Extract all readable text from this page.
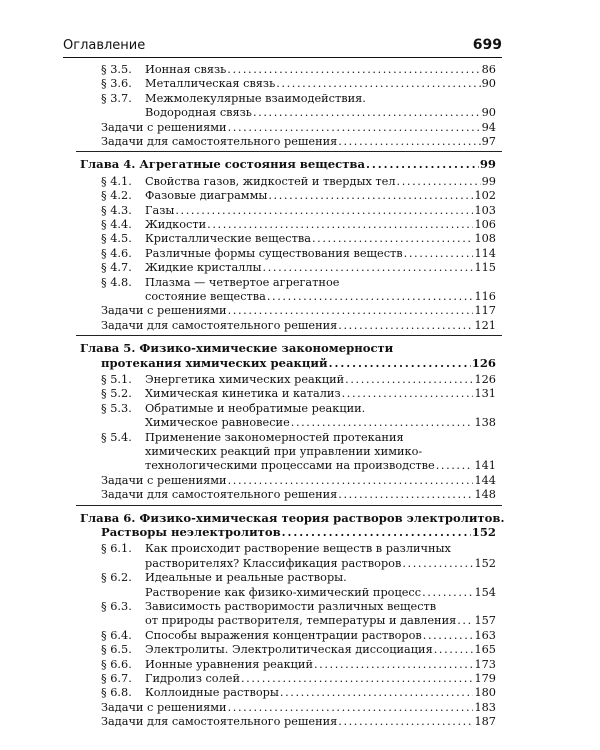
Оглавление	699
§ 3.5. Ионная связь . . .	86
§ 3.6. Металлическая связь . . .	90
§ 3.7. Межмолекулярные взаимодействия.
Водородная связь . . .	90
Задачи с решениями . . .	94
Задачи для самостоятельного решения . . .	97
Глава 4. Агрегатные состояния вещества . . .	99
§ 4.1. Свойства газов, жидкостей и твердых тел . . .	99
§ 4.2. Фазовые диаграммы . . .	102
§ 4.3. Газы . . .	103
§ 4.4. Жидкости . . .	106
§ 4.5. Кристаллические вещества . . .	108
§ 4.6. Различные формы существования веществ . . .	114
§ 4.7. Жидкие кристаллы . . .	115
§ 4.8. Плазма — четвертое агрегатное
состояние вещества . . .	116
Задачи с решениями . . .	117
Задачи для самостоятельного решения . . .	121
Глава 5. Физико-химические закономерности
протекания химических реакций . . .	126
§ 5.1. Энергетика химических реакций . . .	126
§ 5.2. Химическая кинетика и катализ . . .	131
§ 5.3. Обратимые и необратимые реакции.
Химическое равновесие . . .	138
§ 5.4. Применение закономерностей протекания
химических реакций при управлении химико-
технологическими процессами на производстве . . .	141
Задачи с решениями . . .	144
Задачи для самостоятельного решения . . .	148
Глава 6. Физико-химическая теория растворов электролитов.
Растворы неэлектролитов . . .	152
§ 6.1. Как происходит растворение веществ в различных
растворителях? Классификация растворов . . .	152
§ 6.2. Идеальные и реальные растворы.
Растворение как физико-химический процесс . . .	154
§ 6.3. Зависимость растворимости различных веществ
от природы растворителя, температуры и давления . . . 157
§ 6.4. Способы выражения концентрации растворов . . .	163
§ 6.5. Электролиты. Электролитическая диссоциация . . .	165
§ 6.6. Ионные уравнения реакций . . .	173
§ 6.7. Гидролиз солей . . .	179
§ 6.8. Коллоидные растворы . . .	180
Задачи с решениями . . .	183
Задачи для самостоятельного решения . . .	187
